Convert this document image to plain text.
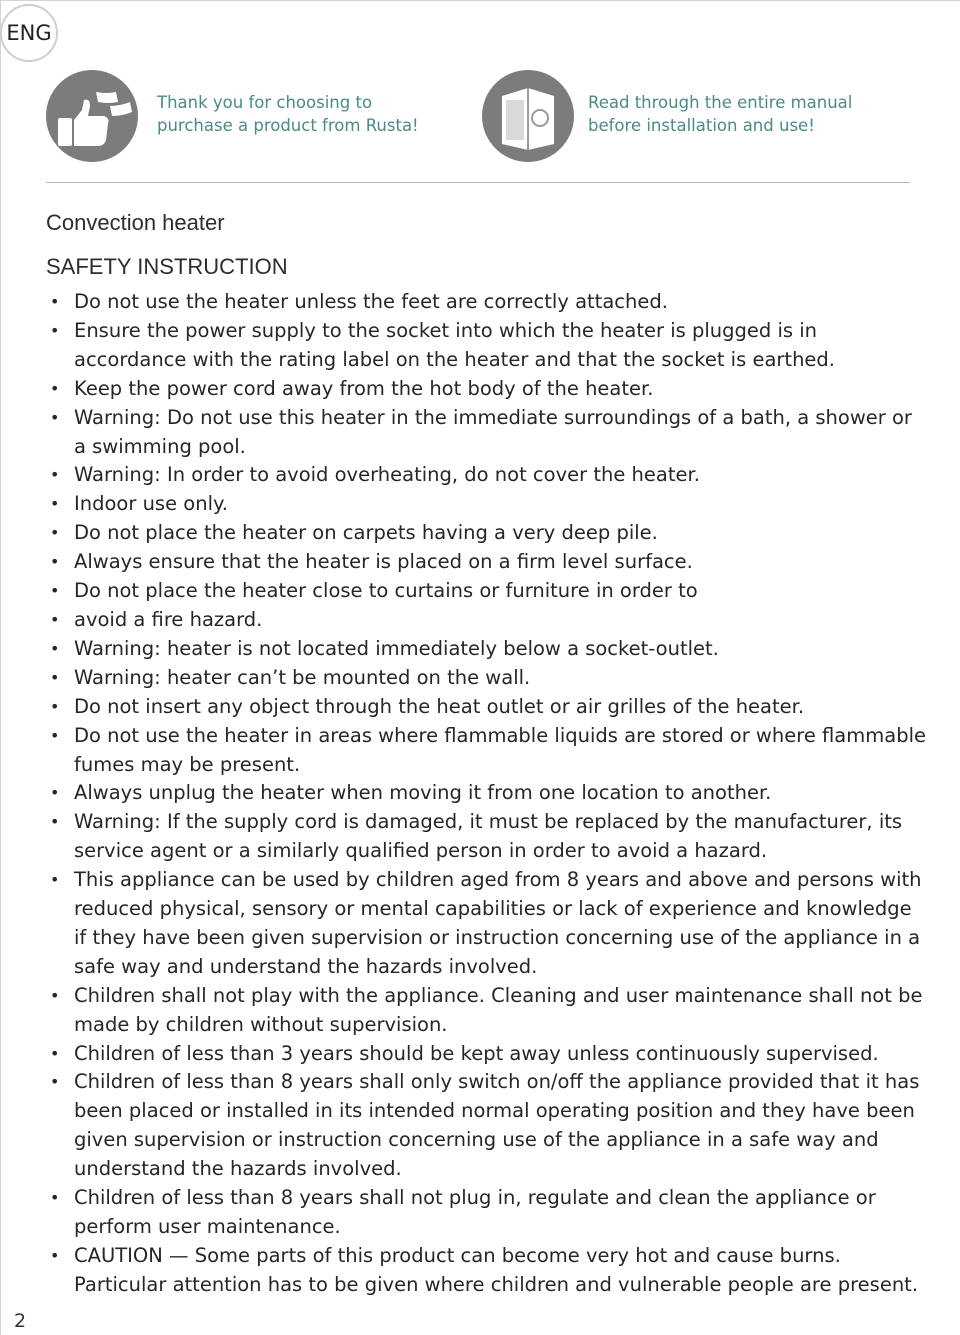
ENG
Thank you for choosing to
purchase a product from Rusta!
Read through the entire manual
before installation and use!
Convection heater
SAFETY INSTRUCTION
• Do not use the heater unless the feet are correctly attached.
• Ensure the power supply to the socket into which the heater is plugged is in accordance with the rating label on the heater and that the socket is earthed.
• Keep the power cord away from the hot body of the heater.
• Warning: Do not use this heater in the immediate surroundings of a bath, a shower or a swimming pool.
• Warning: In order to avoid overheating, do not cover the heater.
• Indoor use only.
• Do not place the heater on carpets having a very deep pile.
• Always ensure that the heater is placed on a firm level surface.
• Do not place the heater close to curtains or furniture in order to
• avoid a fire hazard.
• Warning: heater is not located immediately below a socket-outlet.
• Warning: heater can’t be mounted on the wall.
• Do not insert any object through the heat outlet or air grilles of the heater.
• Do not use the heater in areas where flammable liquids are stored or where flammable fumes may be present.
• Always unplug the heater when moving it from one location to another.
• Warning: If the supply cord is damaged, it must be replaced by the manufacturer, its service agent or a similarly qualified person in order to avoid a hazard.
• This appliance can be used by children aged from 8 years and above and persons with reduced physical, sensory or mental capabilities or lack of experience and knowledge if they have been given supervision or instruction concerning use of the appliance in a safe way and understand the hazards involved.
• Children shall not play with the appliance. Cleaning and user maintenance shall not be made by children without supervision.
• Children of less than 3 years should be kept away unless continuously supervised.
• Children of less than 8 years shall only switch on/off the appliance provided that it has been placed or installed in its intended normal operating position and they have been given supervision or instruction concerning use of the appliance in a safe way and understand the hazards involved.
• Children of less than 8 years shall not plug in, regulate and clean the appliance or perform user maintenance.
• CAUTION — Some parts of this product can become very hot and cause burns. Particular attention has to be given where children and vulnerable people are present.
2
